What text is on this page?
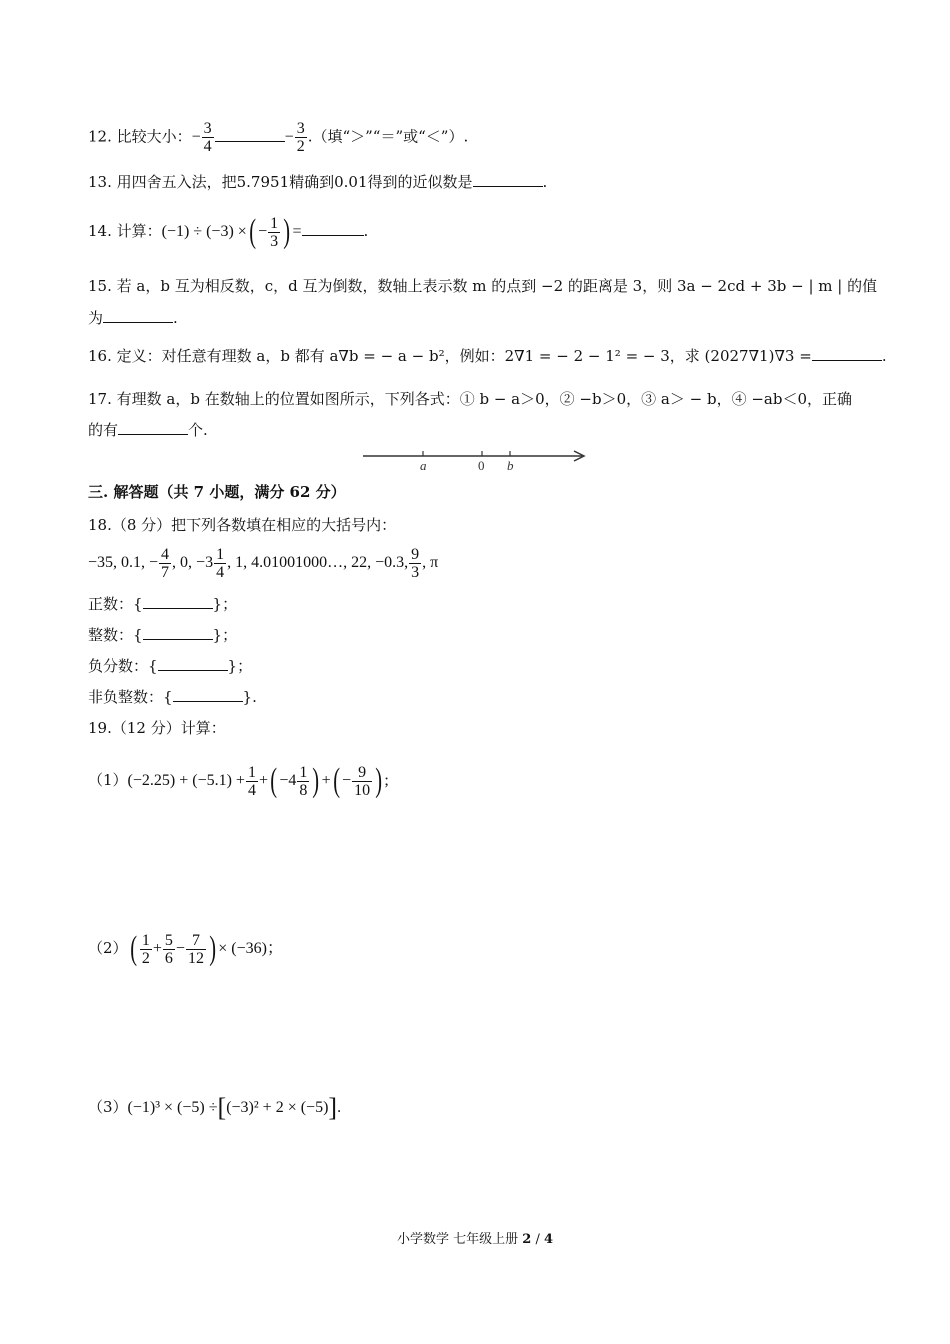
12. 比较大小：− $\frac{3}{4}$	− $\frac{3}{2}$ .（填“＞”“＝”或“＜”）.
13. 用四舍五入法，把5.7951精确到0.01得到的近似数是	.
14. 计算：(−1) ÷ (−3) ×( − $\frac{1}{3}$ ) =	.
15. 若 a，b 互为相反数，c，d 互为倒数，数轴上表示数 m 的点到 −2 的距离是 3，则 3a − 2cd + 3b − | m | 的值
为	.
16. 定义：对任意有理数 a，b 都有 a∇b = − a − b²，例如：2∇1 = − 2 − 1² = − 3，求 (2027∇1)∇3 =	.
17. 有理数 a，b 在数轴上的位置如图所示，下列各式：① b − a＞0，② −b＞0，③ a＞ − b，④ −ab＜0，正确
的有	个.
a	0 b
三. 解答题（共 7 小题，满分 62 分）
18.（8 分）把下列各数填在相应的大括号内：
−35, 0.1, − $\frac{4}{7}$ , 0, $-3 \frac{1}{4}$ , 1, 4.01001000…, 22, −0.3, $\frac{9}{3}$ , π
正数：{	}；
整数：{	}；
负分数：{	}；
非负整数：{	}.
19.（12 分）计算：
$(1)(-2.25) + (-5.1) + \frac{1}{4}$ +( $-4 \frac{1}{8}$ ) +( − $\frac{9}{10}$ ) ;
$(2)( \frac{1}{2} + \frac{5}{6} - \frac{7}{12}$ ) × (−36)；
（3）(−1)³ × (−5) ÷[(−3)² + 2 × (−5)].
小学数学 七年级上册 2 / 4
